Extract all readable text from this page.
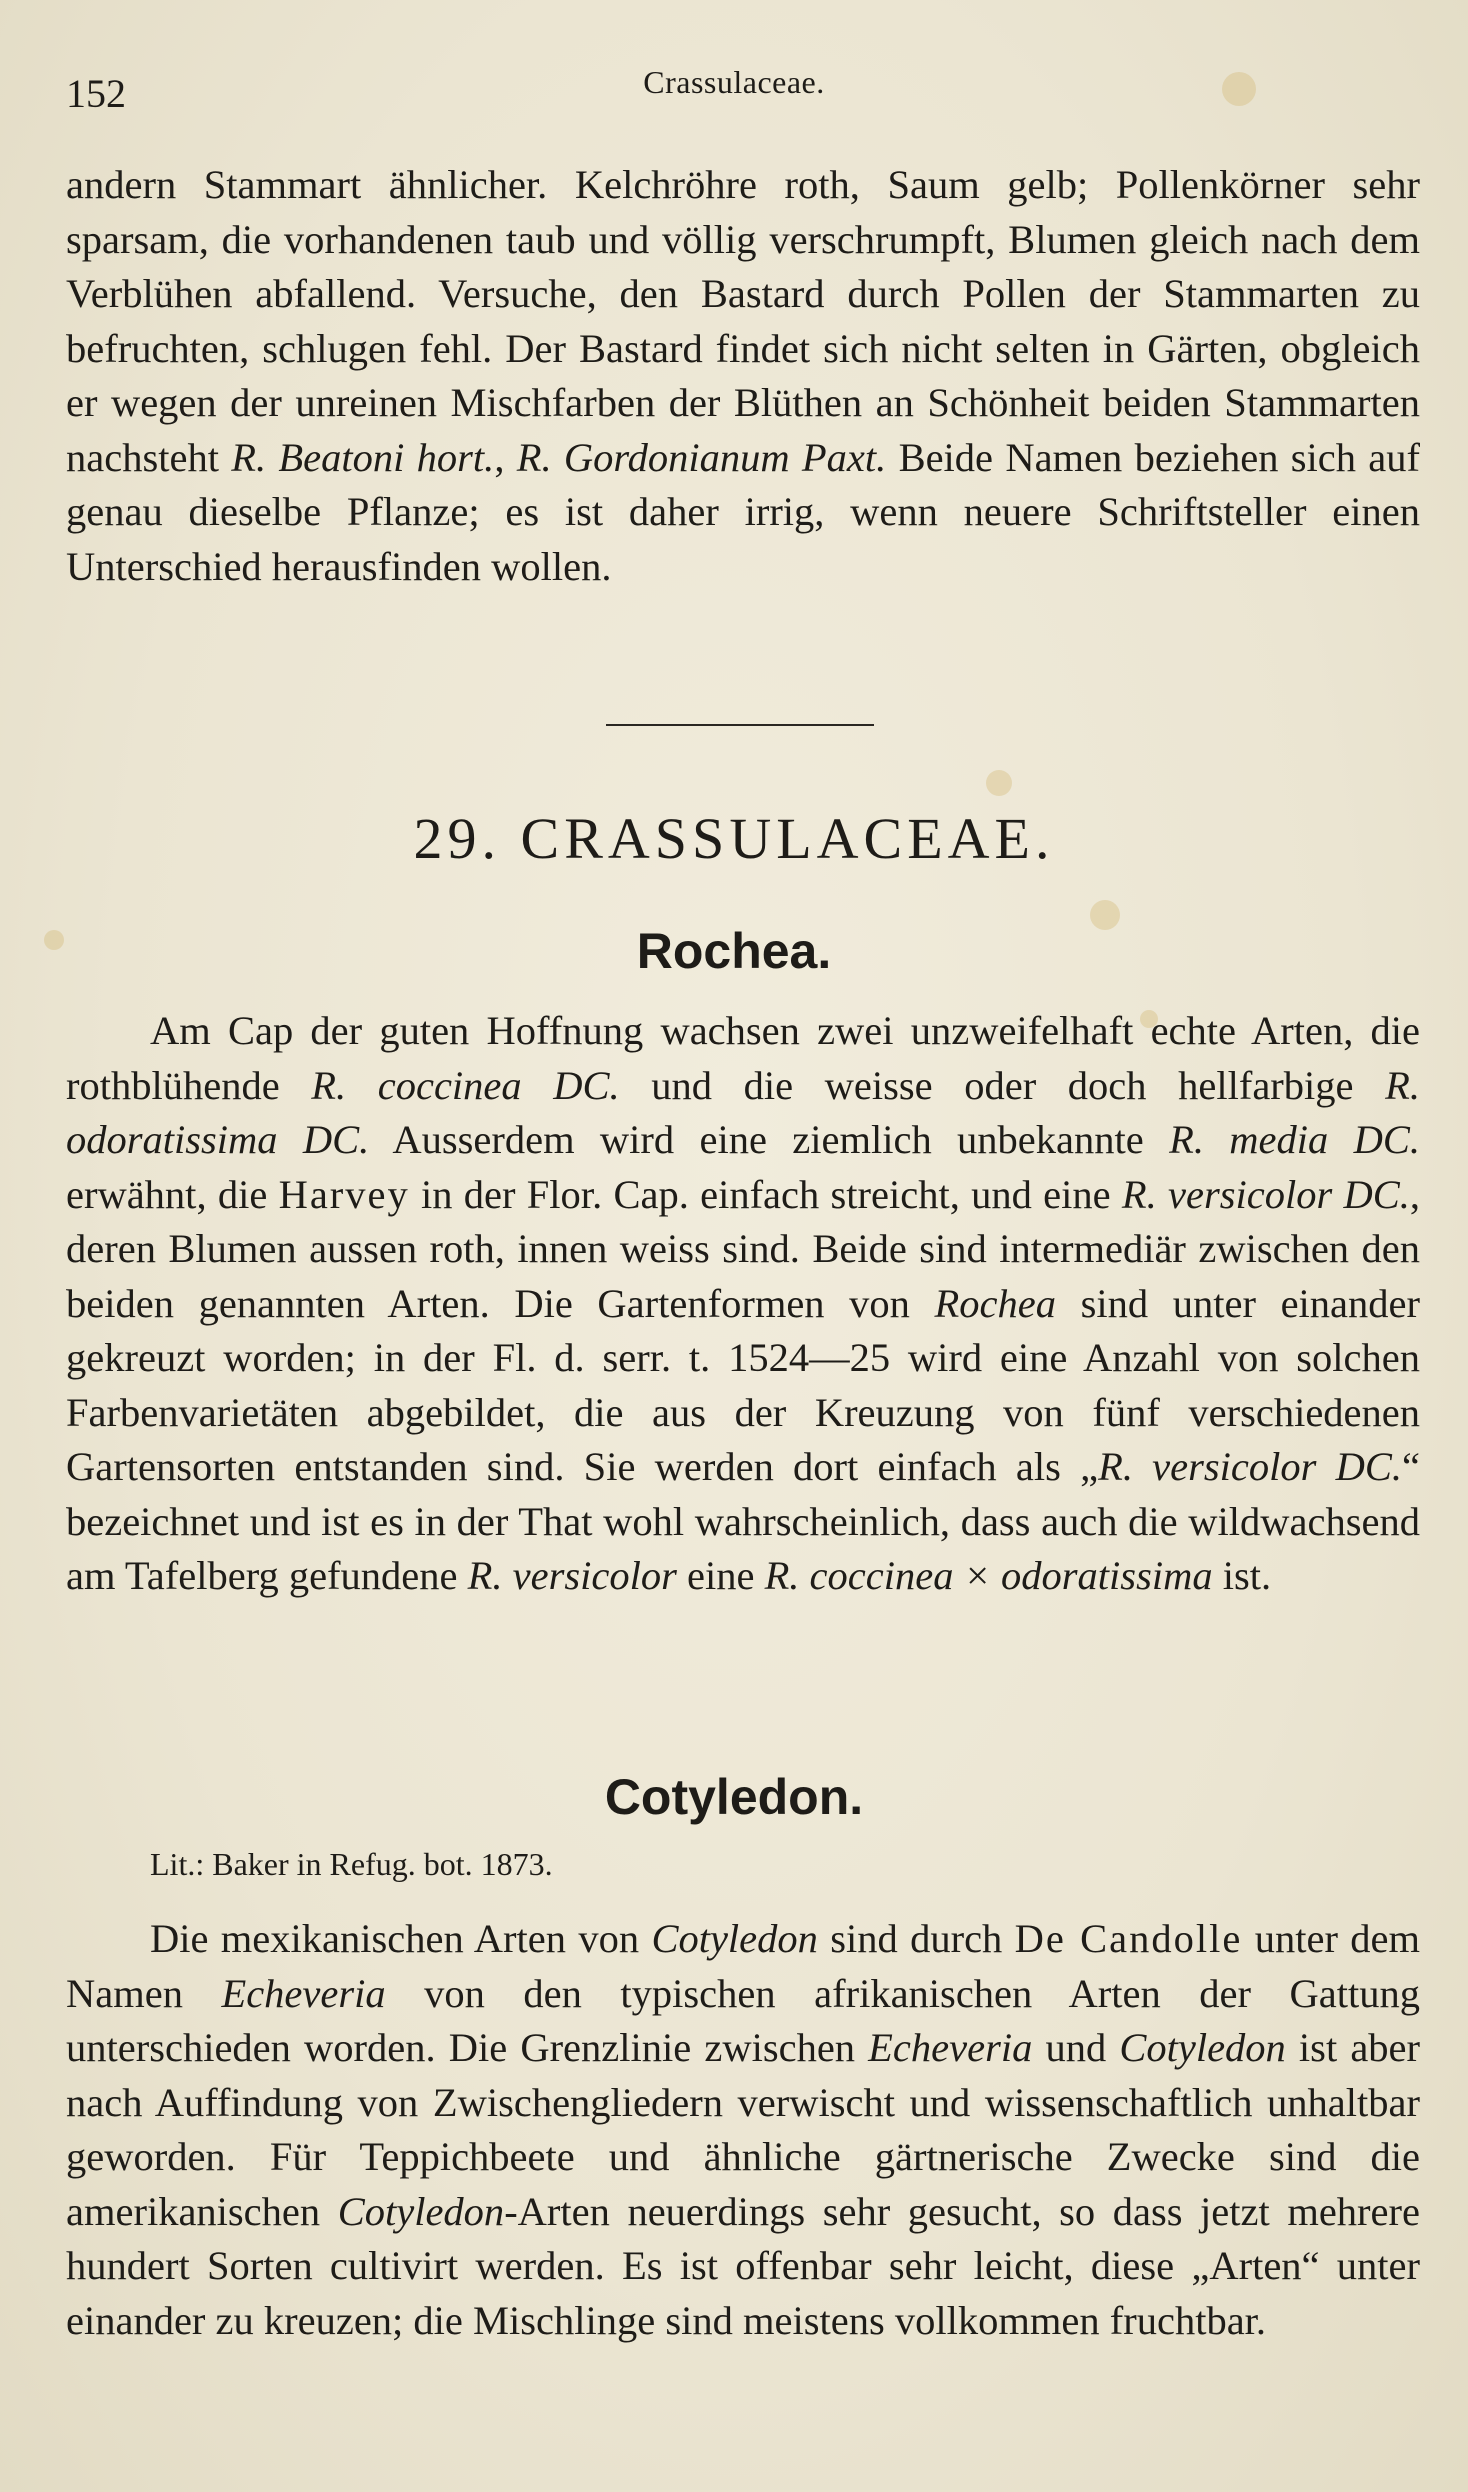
152	Crassulaceae.

andern Stammart ähnlicher. Kelchröhre roth, Saum gelb; Pollenkörner sehr sparsam, die vorhandenen taub und völlig verschrumpft, Blumen gleich nach dem Verblühen abfallend. Versuche, den Bastard durch Pollen der Stammarten zu befruchten, schlugen fehl. Der Bastard findet sich nicht selten in Gärten, obgleich er wegen der unreinen Mischfarben der Blüthen an Schönheit beiden Stammarten nachsteht R. Beatoni hort., R. Gordonianum Paxt. Beide Namen beziehen sich auf genau dieselbe Pflanze; es ist daher irrig, wenn neuere Schriftsteller einen Unterschied herausfinden wollen.

29. CRASSULACEAE.
Rochea.

Am Cap der guten Hoffnung wachsen zwei unzweifelhaft echte Arten, die rothblühende R. coccinea DC. und die weisse oder doch hellfarbige R. odoratissima DC. Ausserdem wird eine ziemlich unbekannte R. media DC. erwähnt, die Harvey in der Flor. Cap. einfach streicht, und eine R. versicolor DC., deren Blumen aussen roth, innen weiss sind. Beide sind intermediär zwischen den beiden genannten Arten. Die Gartenformen von Rochea sind unter einander gekreuzt worden; in der Fl. d. serr. t. 1524—25 wird eine Anzahl von solchen Farbenvarietäten abgebildet, die aus der Kreuzung von fünf verschiedenen Gartensorten entstanden sind. Sie werden dort einfach als „R. versicolor DC.“ bezeichnet und ist es in der That wohl wahrscheinlich, dass auch die wildwachsend am Tafelberg gefundene R. versicolor eine R. coccinea × odoratissima ist.

Cotyledon.
Lit.: Baker in Refug. bot. 1873.

Die mexikanischen Arten von Cotyledon sind durch De Candolle unter dem Namen Echeveria von den typischen afrikanischen Arten der Gattung unterschieden worden. Die Grenzlinie zwischen Echeveria und Cotyledon ist aber nach Auffindung von Zwischengliedern verwischt und wissenschaftlich unhaltbar geworden. Für Teppichbeete und ähnliche gärtnerische Zwecke sind die amerikanischen Cotyledon-Arten neuerdings sehr gesucht, so dass jetzt mehrere hundert Sorten cultivirt werden. Es ist offenbar sehr leicht, diese „Arten“ unter einander zu kreuzen; die Mischlinge sind meistens vollkommen fruchtbar.
